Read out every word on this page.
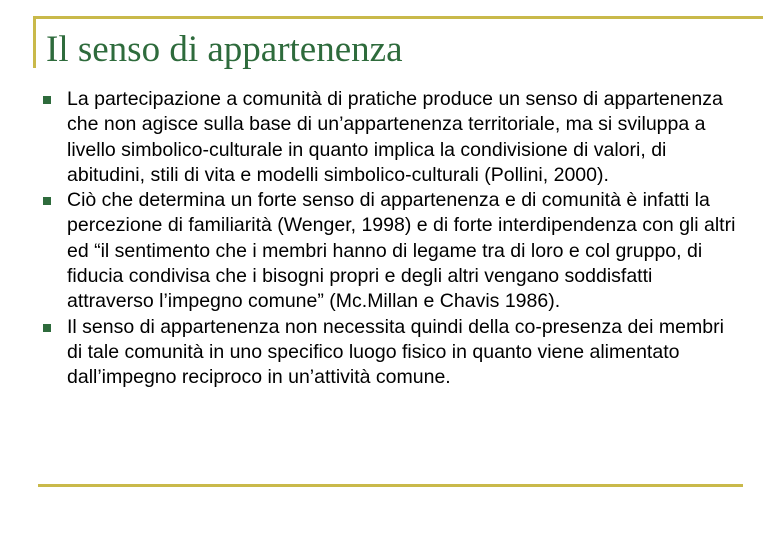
Il senso di appartenenza
La partecipazione a comunità di pratiche produce un senso di appartenenza che non agisce sulla base di un’appartenenza territoriale, ma si sviluppa a livello simbolico-culturale in quanto implica la condivisione di valori, di abitudini, stili di vita e modelli simbolico-culturali (Pollini, 2000).
Ciò che determina un forte senso di appartenenza e di comunità è infatti la percezione di familiarità (Wenger, 1998) e di forte interdipendenza con gli altri ed “il sentimento che i membri hanno di legame tra di loro e col gruppo, di fiducia condivisa che i bisogni propri e degli altri vengano soddisfatti attraverso l’impegno comune” (Mc.Millan e Chavis 1986).
Il senso di appartenenza non necessita quindi della co-presenza dei membri di tale comunità in uno specifico luogo fisico in quanto viene alimentato dall’impegno reciproco in un’attività comune.
